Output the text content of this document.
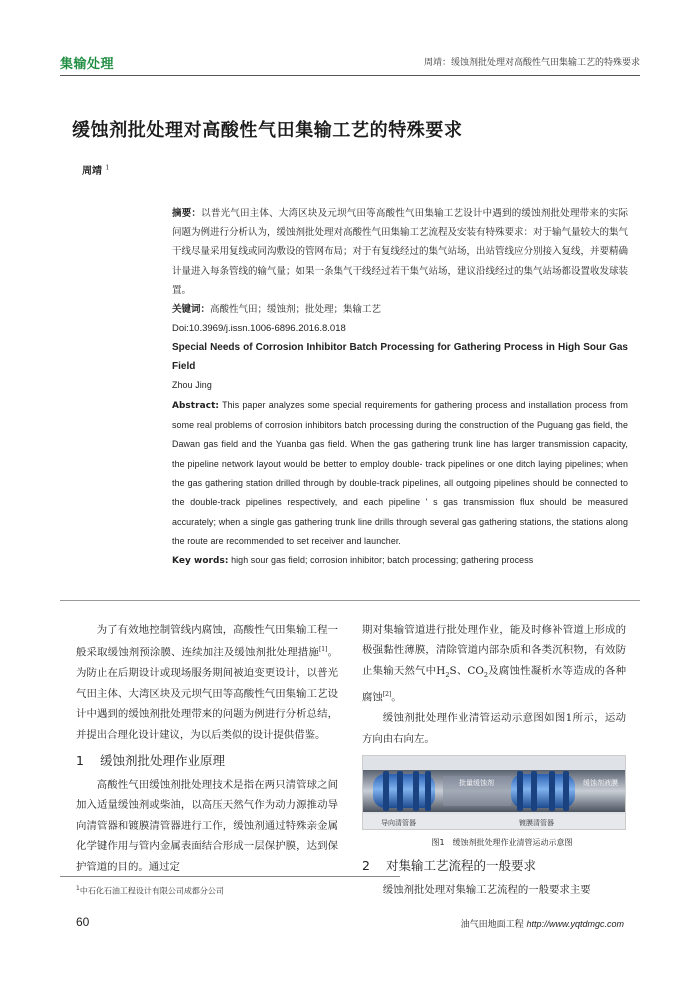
集输处理	周靖：缓蚀剂批处理对高酸性气田集输工艺的特殊要求
缓蚀剂批处理对高酸性气田集输工艺的特殊要求
周靖 $^1$

摘要：以普光气田主体、大湾区块及元坝气田等高酸性气田集输工艺设计中遇到的缓蚀剂批处理带来的实际问题为例进行分析认为，缓蚀剂批处理对高酸性气田集输工艺流程及安装有特殊要求：对于输气量较大的集气干线尽量采用复线或同沟敷设的管网布局；对于有复线经过的集气站场，出站管线应分别接入复线，并要精确计量进入每条管线的输气量；如果一条集气干线经过若干集气站场，建议沿线经过的集气站场都设置收发球装置。

关键词：高酸性气田；缓蚀剂；批处理；集输工艺

Doi:10.3969/j.issn.1006-6896.2016.8.018

Special Needs of Corrosion Inhibitor Batch Processing for Gathering Process in High Sour Gas Field

Zhou Jing

Abstract: This paper analyzes some special requirements for gathering process and installation process from some real problems of corrosion inhibitors batch processing during the construction of the Puguang gas field, the Dawan gas field and the Yuanba gas field. When the gas gathering trunk line has larger transmission capacity, the pipeline network layout would be better to employ double- track pipelines or one ditch laying pipelines; when the gas gathering station drilled through by double-track pipelines, all outgoing pipelines should be connected to the double-track pipelines respectively, and each pipeline ' s gas transmission flux should be measured accurately; when a single gas gathering trunk line drills through several gas gathering stations, the stations along the route are recommended to set receiver and launcher.

Key words: high sour gas field; corrosion inhibitor; batch processing; gathering process

为了有效地控制管线内腐蚀，高酸性气田集输工程一般采取缓蚀剂预涂膜、连续加注及缓蚀剂批处理措施[1]。为防止在后期设计或现场服务期间被迫变更设计，以普光气田主体、大湾区块及元坝气田等高酸性气田集输工艺设计中遇到的缓蚀剂批处理带来的问题为例进行分析总结，并提出合理化设计建议，为以后类似的设计提供借鉴。

1 缓蚀剂批处理作业原理

高酸性气田缓蚀剂批处理技术是指在两只清管球之间加入适量缓蚀剂或柴油，以高压天然气作为动力源推动导向清管器和镀膜清管器进行工作，缓蚀剂通过特殊亲金属化学键作用与管内金属表面结合形成一层保护膜，达到保护管道的目的。通过定

期对集输管道进行批处理作业，能及时修补管道上形成的极强黏性薄膜，清除管道内部杂质和各类沉积物，有效防止集输天然气中$H_2S$、$CO_2$及腐蚀性凝析水等造成的各种腐蚀[2]。

缓蚀剂批处理作业清管运动示意图如图1所示，运动方向由右向左。

批量缓蚀剂	缓蚀剂液膜
导向清管器	镀膜清管器

图1　缓蚀剂批处理作业清管运动示意图

2 对集输工艺流程的一般要求

缓蚀剂批处理对集输工艺流程的一般要求主要

$^1$中石化石油工程设计有限公司成都分公司
60	油气田地面工程 http://www.yqtdmgc.com
